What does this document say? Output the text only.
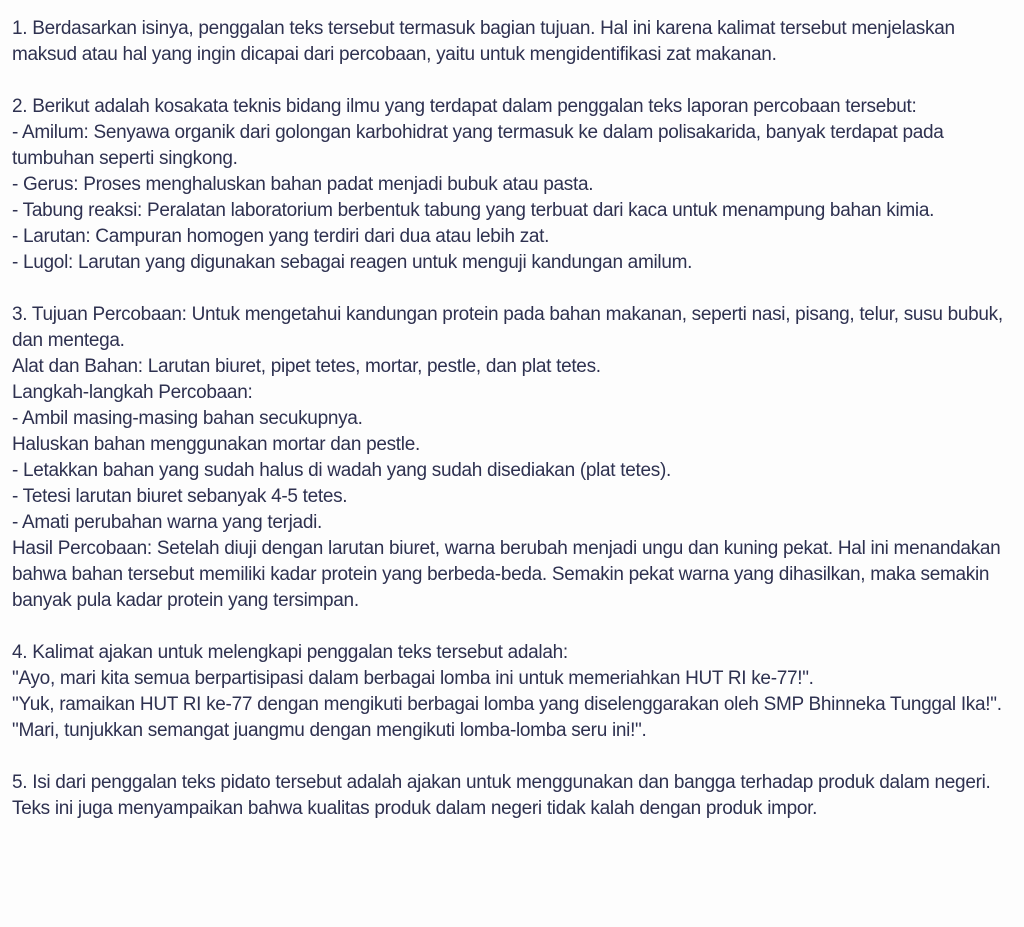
1. Berdasarkan isinya, penggalan teks tersebut termasuk bagian tujuan. Hal ini karena kalimat tersebut menjelaskan maksud atau hal yang ingin dicapai dari percobaan, yaitu untuk mengidentifikasi zat makanan.
2. Berikut adalah kosakata teknis bidang ilmu yang terdapat dalam penggalan teks laporan percobaan tersebut:
- Amilum: Senyawa organik dari golongan karbohidrat yang termasuk ke dalam polisakarida, banyak terdapat pada tumbuhan seperti singkong.
- Gerus: Proses menghaluskan bahan padat menjadi bubuk atau pasta.
- Tabung reaksi: Peralatan laboratorium berbentuk tabung yang terbuat dari kaca untuk menampung bahan kimia.
- Larutan: Campuran homogen yang terdiri dari dua atau lebih zat.
- Lugol: Larutan yang digunakan sebagai reagen untuk menguji kandungan amilum.
3. Tujuan Percobaan: Untuk mengetahui kandungan protein pada bahan makanan, seperti nasi, pisang, telur, susu bubuk, dan mentega.
Alat dan Bahan: Larutan biuret, pipet tetes, mortar, pestle, dan plat tetes.
Langkah-langkah Percobaan:
- Ambil masing-masing bahan secukupnya.
Haluskan bahan menggunakan mortar dan pestle.
- Letakkan bahan yang sudah halus di wadah yang sudah disediakan (plat tetes).
- Tetesi larutan biuret sebanyak 4-5 tetes.
- Amati perubahan warna yang terjadi.
Hasil Percobaan: Setelah diuji dengan larutan biuret, warna berubah menjadi ungu dan kuning pekat. Hal ini menandakan bahwa bahan tersebut memiliki kadar protein yang berbeda-beda. Semakin pekat warna yang dihasilkan, maka semakin banyak pula kadar protein yang tersimpan.
4. Kalimat ajakan untuk melengkapi penggalan teks tersebut adalah:
"Ayo, mari kita semua berpartisipasi dalam berbagai lomba ini untuk memeriahkan HUT RI ke-77!".
"Yuk, ramaikan HUT RI ke-77 dengan mengikuti berbagai lomba yang diselenggarakan oleh SMP Bhinneka Tunggal Ika!".
"Mari, tunjukkan semangat juangmu dengan mengikuti lomba-lomba seru ini!".
5. Isi dari penggalan teks pidato tersebut adalah ajakan untuk menggunakan dan bangga terhadap produk dalam negeri. Teks ini juga menyampaikan bahwa kualitas produk dalam negeri tidak kalah dengan produk impor.
